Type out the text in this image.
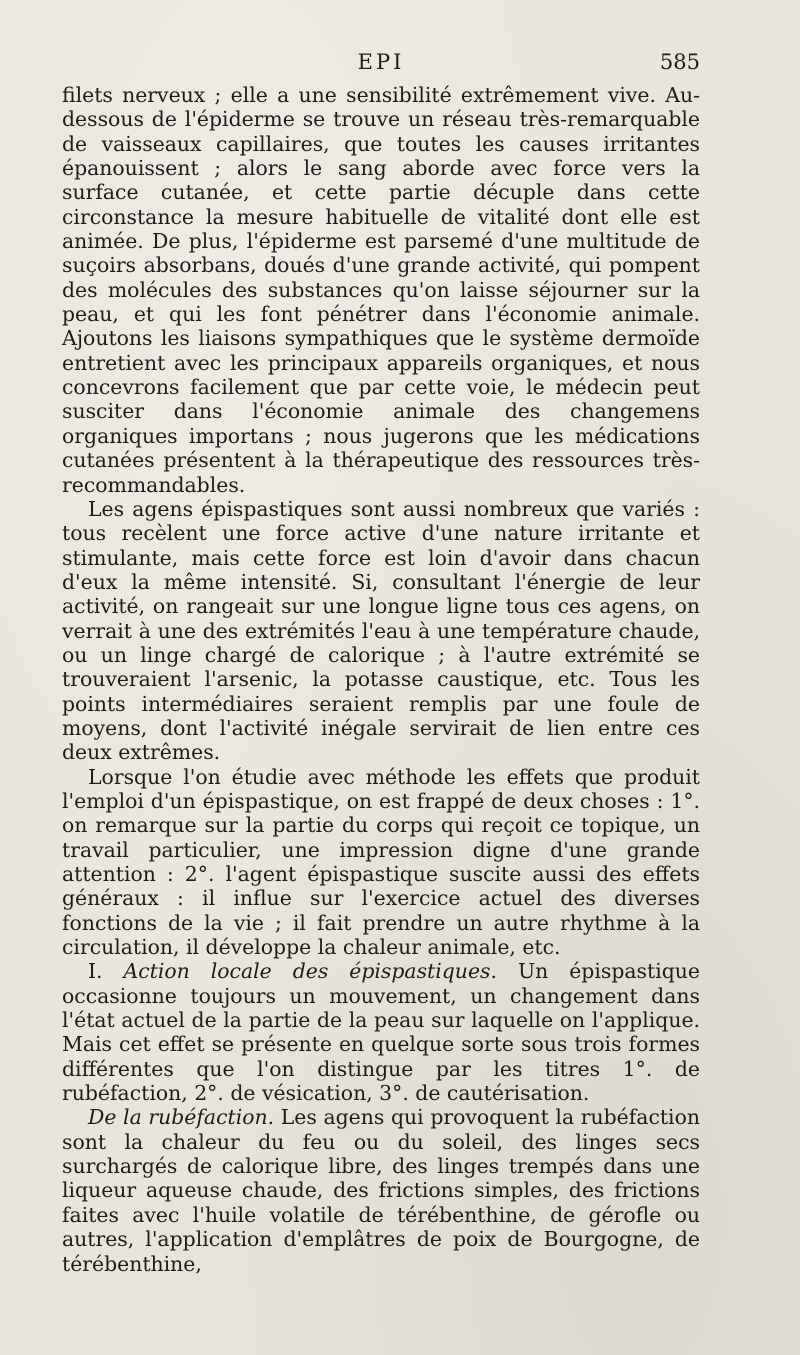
EPI	585

filets nerveux ; elle a une sensibilité extrêmement vive. Au-dessous de l'épiderme se trouve un réseau très-remarquable de vaisseaux capillaires, que toutes les causes irritantes épanouissent ; alors le sang aborde avec force vers la surface cutanée, et cette partie décuple dans cette circonstance la mesure habituelle de vitalité dont elle est animée. De plus, l'épiderme est parsemé d'une multitude de suçoirs absorbans, doués d'une grande activité, qui pompent des molécules des substances qu'on laisse séjourner sur la peau, et qui les font pénétrer dans l'économie animale. Ajoutons les liaisons sympathiques que le système dermoïde entretient avec les principaux appareils organiques, et nous concevrons facilement que par cette voie, le médecin peut susciter dans l'économie animale des changemens organiques importans ; nous jugerons que les médications cutanées présentent à la thérapeutique des ressources très-recommandables.

Les agens épispastiques sont aussi nombreux que variés : tous recèlent une force active d'une nature irritante et stimulante, mais cette force est loin d'avoir dans chacun d'eux la même intensité. Si, consultant l'énergie de leur activité, on rangeait sur une longue ligne tous ces agens, on verrait à une des extrémités l'eau à une température chaude, ou un linge chargé de calorique ; à l'autre extrémité se trouveraient l'arsenic, la potasse caustique, etc. Tous les points intermédiaires seraient remplis par une foule de moyens, dont l'activité inégale servirait de lien entre ces deux extrêmes.

Lorsque l'on étudie avec méthode les effets que produit l'emploi d'un épispastique, on est frappé de deux choses : 1°. on remarque sur la partie du corps qui reçoit ce topique, un travail particulier, une impression digne d'une grande attention : 2°. l'agent épispastique suscite aussi des effets généraux : il influe sur l'exercice actuel des diverses fonctions de la vie ; il fait prendre un autre rhythme à la circulation, il développe la chaleur animale, etc.

I. Action locale des épispastiques. Un épispastique occasionne toujours un mouvement, un changement dans l'état actuel de la partie de la peau sur laquelle on l'applique. Mais cet effet se présente en quelque sorte sous trois formes différentes que l'on distingue par les titres 1°. de rubéfaction, 2°. de vésication, 3°. de cautérisation.

De la rubéfaction. Les agens qui provoquent la rubéfaction sont la chaleur du feu ou du soleil, des linges secs surchargés de calorique libre, des linges trempés dans une liqueur aqueuse chaude, des frictions simples, des frictions faites avec l'huile volatile de térébenthine, de gérofle ou autres, l'application d'emplâtres de poix de Bourgogne, de térébenthine,
